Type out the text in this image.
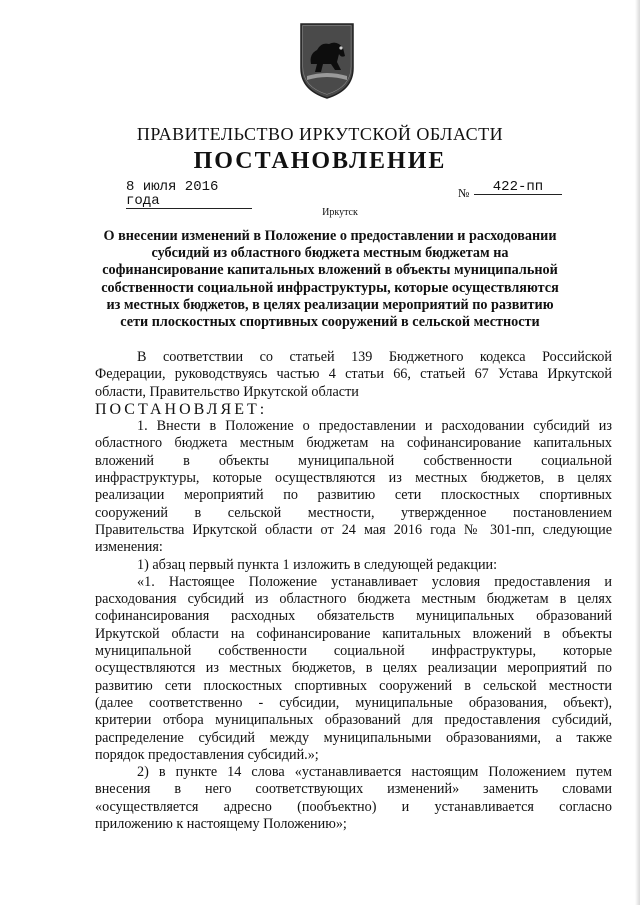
ПРАВИТЕЛЬСТВО ИРКУТСКОЙ ОБЛАСТИ
ПОСТАНОВЛЕНИЕ
8 июля 2016 года	№	422-пп
Иркутск
О внесении изменений в Положение о предоставлении и расходовании
субсидий из областного бюджета местным бюджетам на
софинансирование капитальных вложений в объекты муниципальной
собственности социальной инфраструктуры, которые осуществляются
из местных бюджетов, в целях реализации мероприятий по развитию
сети плоскостных спортивных сооружений в сельской местности
В соответствии со статьей 139 Бюджетного кодекса Российской
Федерации, руководствуясь частью 4 статьи 66, статьей 67 Устава Иркутской
области, Правительство Иркутской области
ПОСТАНОВЛЯЕТ:
1. Внести в Положение о предоставлении и расходовании субсидий из
областного бюджета местным бюджетам на софинансирование капитальных
вложений в объекты муниципальной собственности социальной
инфраструктуры, которые осуществляются из местных бюджетов, в целях
реализации мероприятий по развитию сети плоскостных спортивных
сооружений в сельской местности, утвержденное постановлением
Правительства Иркутской области от 24 мая 2016 года № 301-пп, следующие
изменения:
1) абзац первый пункта 1 изложить в следующей редакции:
«1. Настоящее Положение устанавливает условия предоставления и
расходования субсидий из областного бюджета местным бюджетам в целях
софинансирования расходных обязательств муниципальных образований
Иркутской области на софинансирование капитальных вложений в объекты
муниципальной собственности социальной инфраструктуры, которые
осуществляются из местных бюджетов, в целях реализации мероприятий по
развитию сети плоскостных спортивных сооружений в сельской местности
(далее соответственно - субсидии, муниципальные образования, объект),
критерии отбора муниципальных образований для предоставления субсидий,
распределение субсидий между муниципальными образованиями, а также
порядок предоставления субсидий.»;
2) в пункте 14 слова «устанавливается настоящим Положением путем
внесения в него соответствующих изменений» заменить словами
«осуществляется адресно (пообъектно) и устанавливается согласно
приложению к настоящему Положению»;
